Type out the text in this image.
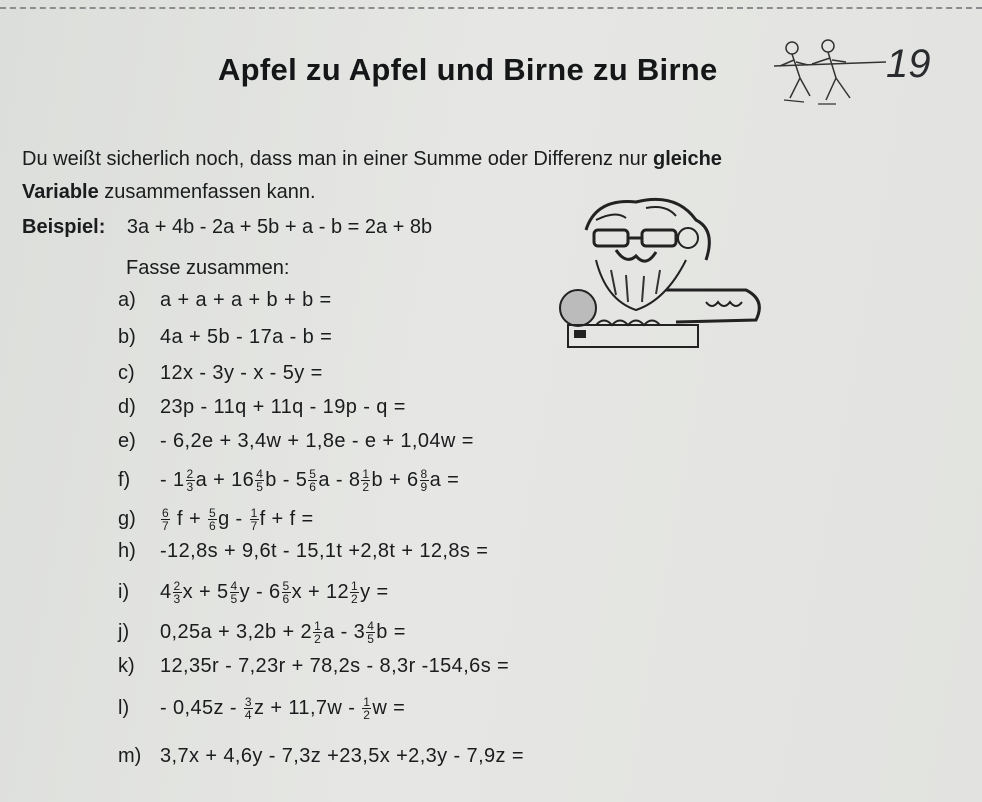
Apfel zu Apfel und Birne zu Birne	19
Du weißt sicherlich noch, dass man in einer Summe oder Differenz nur gleiche
Variable zusammenfassen kann.
Beispiel: 3a + 4b - 2a + 5b + a - b = 2a + 8b
Fasse zusammen:
a)	a + a + a + b + b =
b)	4a + 5b - 17a - b =
c)	12x - 3y - x - 5y =
d)	23p - 11q + 11q - 19p - q =
e)	- 6,2e + 3,4w + 1,8e - e + 1,04w =
f)	- $1 \frac{2}{3}$ $a + 16 \frac{4}{5}$ b - $5 \frac{5}{6}$ a - $8 \frac{1}{2}$ $b + 6 \frac{8}{9}$ a =
g)	$\frac{6}{7}$ $f + \frac{5}{6}$ g - $\frac{1}{7}$ f + f =
h)	-12,8s + 9,6t - 15,1t +2,8t + 12,8s =
i)	$4 \frac{2}{3}$ $x + 5 \frac{4}{5}$ y - $6 \frac{5}{6}$ $x + 12 \frac{1}{2}$ y =
j)	$0,25a + 3,2b + 2 \frac{1}{2}$ a - $3 \frac{4}{5}$ b =
k)	12,35r - 7,23r + 78,2s - 8,3r -154,6s =
l)	- $0,45z - \frac{3}{4}$ $z + 11,7w - \frac{1}{2}$ w =
m) 3,7x + 4,6y - 7,3z +23,5x +2,3y - 7,9z =
